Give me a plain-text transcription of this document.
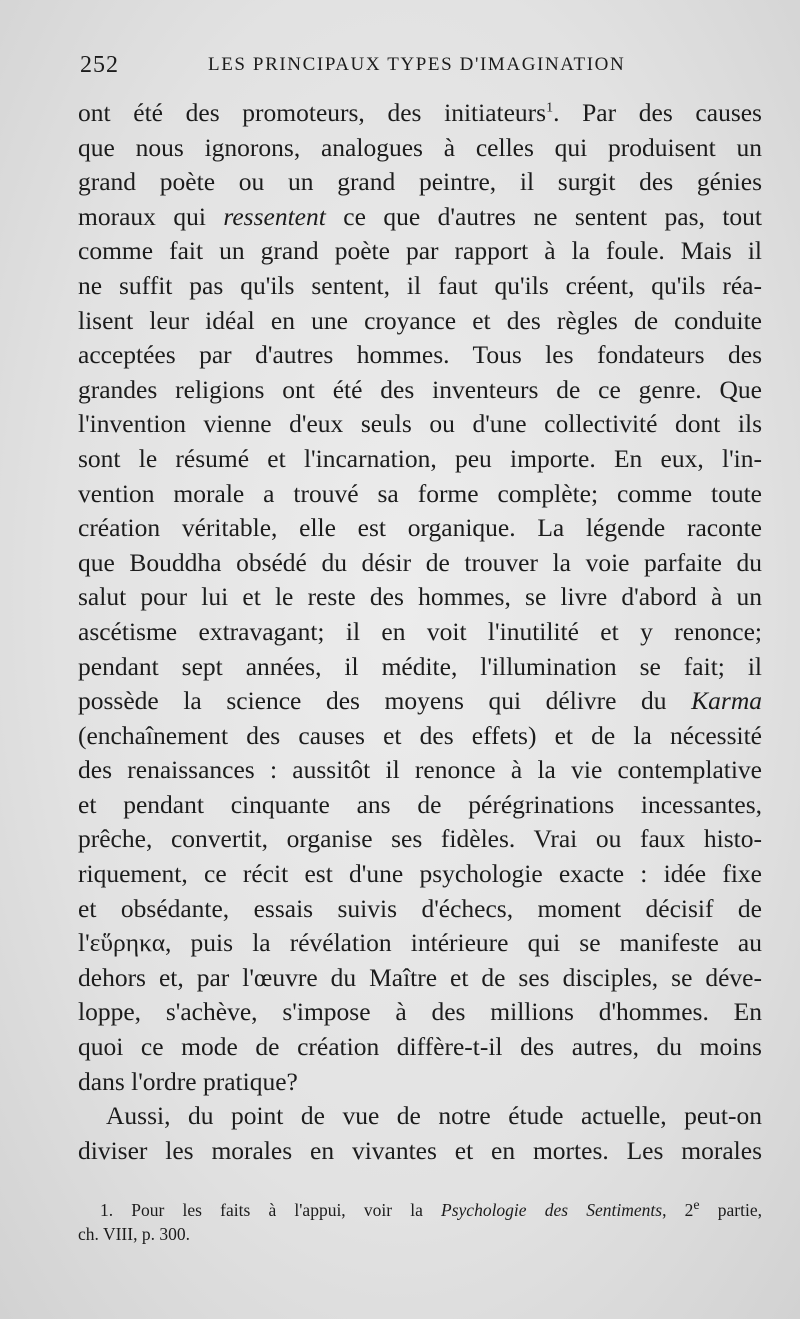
252	LES PRINCIPAUX TYPES D'IMAGINATION
ont été des promoteurs, des initiateurs$^1$. Par des causes
que nous ignorons, analogues à celles qui produisent un
grand poète ou un grand peintre, il surgit des génies
moraux qui ressentent ce que d'autres ne sentent pas, tout
comme fait un grand poète par rapport à la foule. Mais il
ne suffit pas qu'ils sentent, il faut qu'ils créent, qu'ils réa-
lisent leur idéal en une croyance et des règles de conduite
acceptées par d'autres hommes. Tous les fondateurs des
grandes religions ont été des inventeurs de ce genre. Que
l'invention vienne d'eux seuls ou d'une collectivité dont ils
sont le résumé et l'incarnation, peu importe. En eux, l'in-
vention morale a trouvé sa forme complète; comme toute
création véritable, elle est organique. La légende raconte
que Bouddha obsédé du désir de trouver la voie parfaite du
salut pour lui et le reste des hommes, se livre d'abord à un
ascétisme extravagant; il en voit l'inutilité et y renonce;
pendant sept années, il médite, l'illumination se fait; il
possède la science des moyens qui délivre du Karma
(enchaînement des causes et des effets) et de la nécessité
des renaissances : aussitôt il renonce à la vie contemplative
et pendant cinquante ans de pérégrinations incessantes,
prêche, convertit, organise ses fidèles. Vrai ou faux histo-
riquement, ce récit est d'une psychologie exacte : idée fixe
et obsédante, essais suivis d'échecs, moment décisif de
l'εὕρηκα, puis la révélation intérieure qui se manifeste au
dehors et, par l'œuvre du Maître et de ses disciples, se déve-
loppe, s'achève, s'impose à des millions d'hommes. En
quoi ce mode de création diffère-t-il des autres, du moins
dans l'ordre pratique?
Aussi, du point de vue de notre étude actuelle, peut-on
diviser les morales en vivantes et en mortes. Les morales
1. Pour les faits à l'appui, voir la Psychologie des Sentiments, 2e partie,
ch. VIII, p. 300.
